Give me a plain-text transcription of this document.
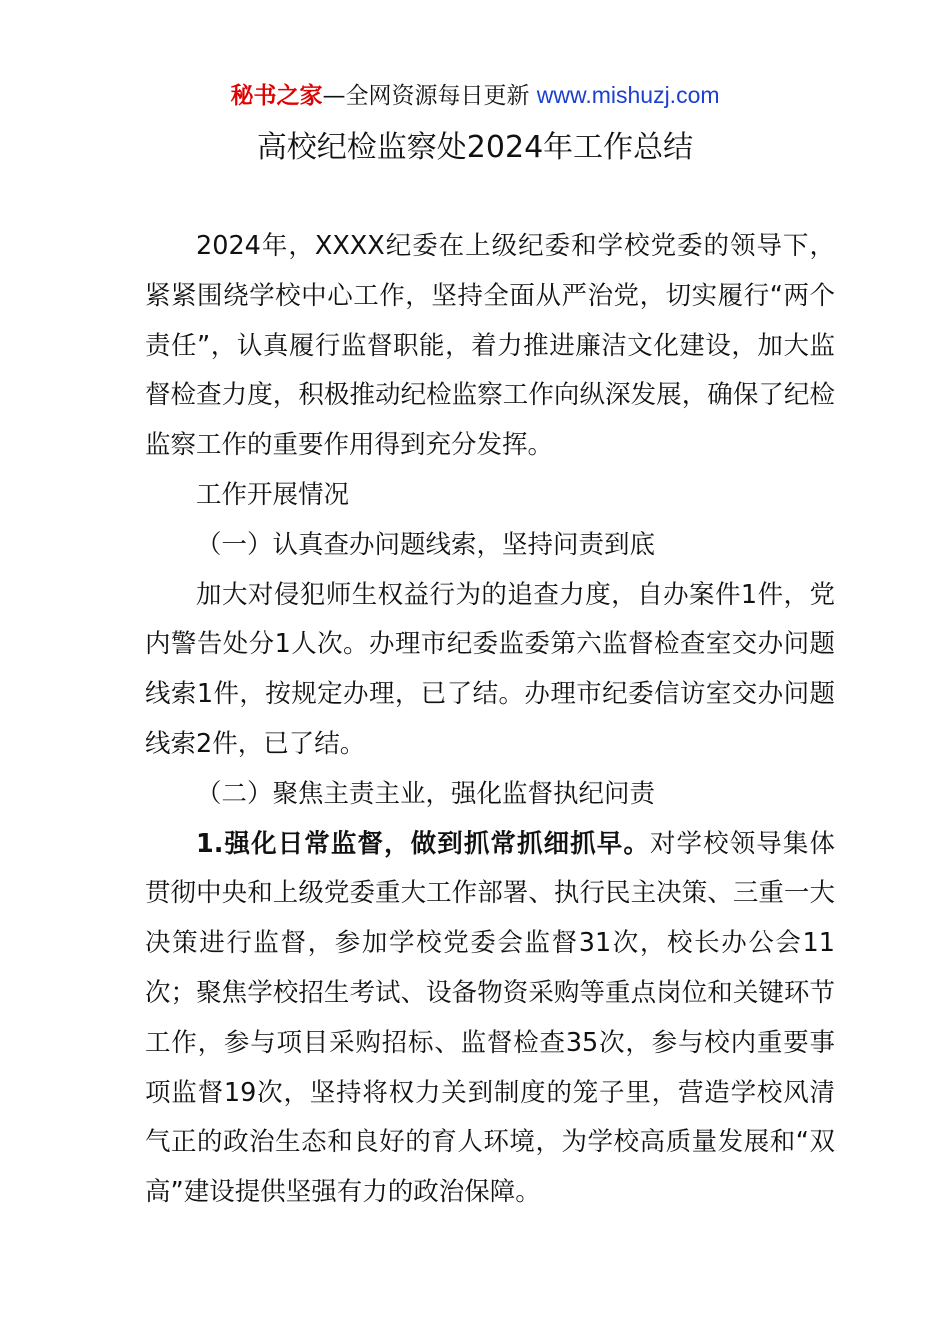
秘书之家—全网资源每日更新 www.mishuzj.com
高校纪检监察处2024年工作总结

2024年，XXXX纪委在上级纪委和学校党委的领导下，紧紧围绕学校中心工作，坚持全面从严治党，切实履行“两个责任”，认真履行监督职能，着力推进廉洁文化建设，加大监督检查力度，积极推动纪检监察工作向纵深发展，确保了纪检监察工作的重要作用得到充分发挥。

工作开展情况

（一）认真查办问题线索，坚持问责到底

加大对侵犯师生权益行为的追查力度，自办案件1件，党内警告处分1人次。办理市纪委监委第六监督检查室交办问题线索1件，按规定办理，已了结。办理市纪委信访室交办问题线索2件，已了结。

（二）聚焦主责主业，强化监督执纪问责

1.强化日常监督，做到抓常抓细抓早。对学校领导集体贯彻中央和上级党委重大工作部署、执行民主决策、三重一大决策进行监督，参加学校党委会监督31次，校长办公会11次；聚焦学校招生考试、设备物资采购等重点岗位和关键环节工作，参与项目采购招标、监督检查35次，参与校内重要事项监督19次，坚持将权力关到制度的笼子里，营造学校风清气正的政治生态和良好的育人环境，为学校高质量发展和“双高”建设提供坚强有力的政治保障。
